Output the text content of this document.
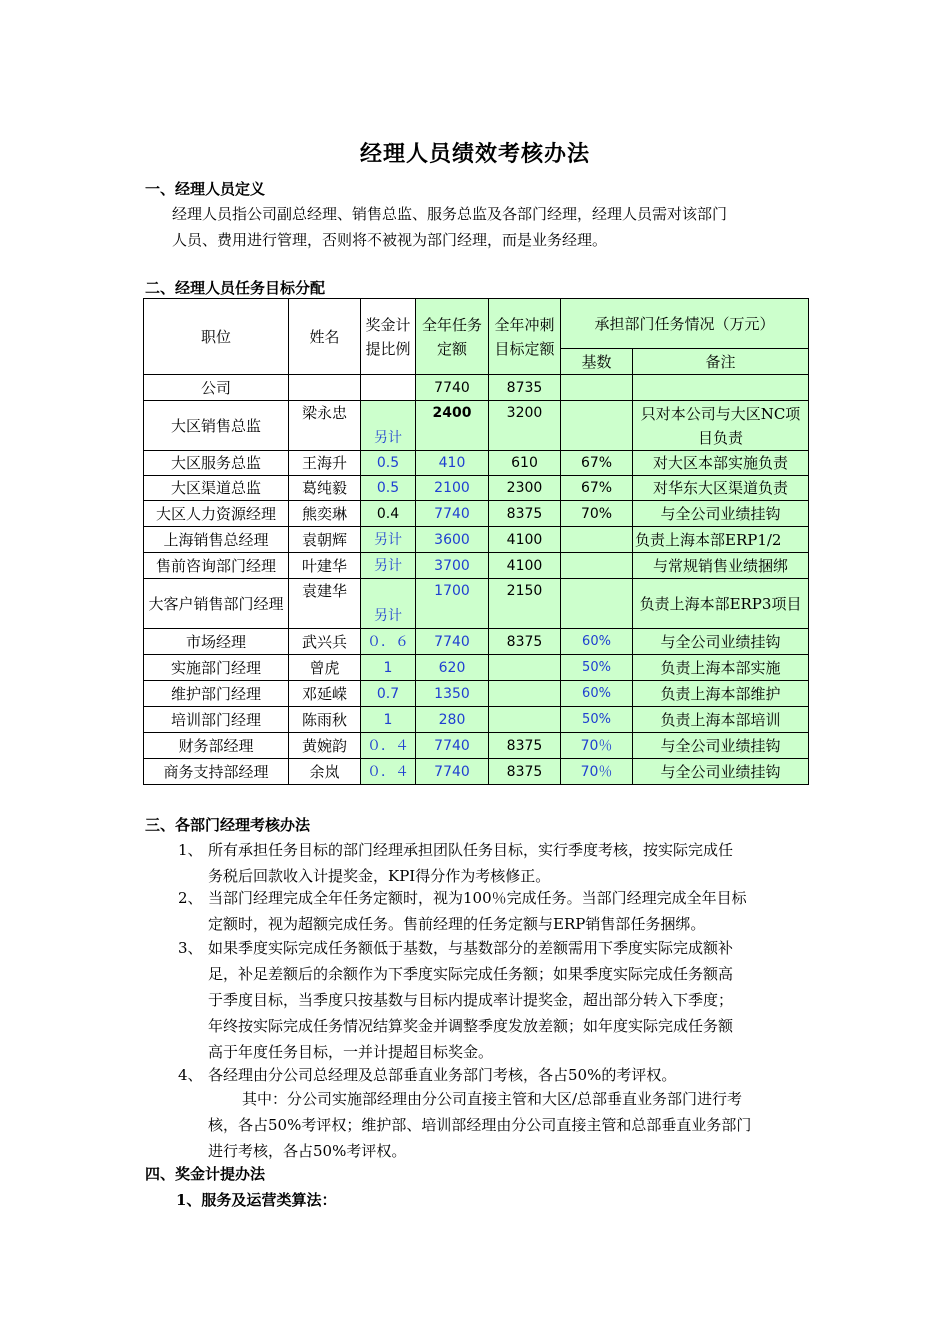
经理人员绩效考核办法
一、经理人员定义
经理人员指公司副总经理、销售总监、服务总监及各部门经理，经理人员需对该部门
人员、费用进行管理，否则将不被视为部门经理，而是业务经理。
二、经理人员任务目标分配
职位	姓名	奖金计提比例	全年任务定额	全年冲刺目标定额	承担部门任务情况（万元）	
					基数	备注
公司			7740	8735		
大区销售总监	梁永忠	另计	2400	3200		只对本公司与大区NC项目负责
大区服务总监	王海升	0.5	410	610	67%	对大区本部实施负责
大区渠道总监	葛纯毅	0.5	2100	2300	67%	对华东大区渠道负责
大区人力资源经理	熊奕琳	0.4	7740	8375	70%	与全公司业绩挂钩
上海销售总经理	袁朝辉	另计	3600	4100		负责上海本部ERP1/2
售前咨询部门经理	叶建华	另计	3700	4100		与常规销售业绩捆绑
大客户销售部门经理	袁建华	另计	1700	2150		负责上海本部ERP3项目
市场经理	武兴兵	０．６	7740	8375	60%	与全公司业绩挂钩
实施部门经理	曾虎	1	620		50%	负责上海本部实施
维护部门经理	邓延嵘	0.7	1350		60%	负责上海本部维护
培训部门经理	陈雨秋	1	280		50%	负责上海本部培训
财务部经理	黄婉韵	０．４	7740	8375	70％	与全公司业绩挂钩
商务支持部经理	余岚	０．４	7740	8375	70％	与全公司业绩挂钩
三、各部门经理考核办法
1、 所有承担任务目标的部门经理承担团队任务目标，实行季度考核，按实际完成任
务税后回款收入计提奖金，KPI得分作为考核修正。
2、 当部门经理完成全年任务定额时，视为100％完成任务。当部门经理完成全年目标
定额时，视为超额完成任务。售前经理的任务定额与ERP销售部任务捆绑。
3、 如果季度实际完成任务额低于基数，与基数部分的差额需用下季度实际完成额补
足，补足差额后的余额作为下季度实际完成任务额；如果季度实际完成任务额高
于季度目标，当季度只按基数与目标内提成率计提奖金，超出部分转入下季度；
年终按实际完成任务情况结算奖金并调整季度发放差额；如年度实际完成任务额
高于年度任务目标，一并计提超目标奖金。
4、 各经理由分公司总经理及总部垂直业务部门考核，各占50%的考评权。
其中：分公司实施部经理由分公司直接主管和大区/总部垂直业务部门进行考
核，各占50%考评权；维护部、培训部经理由分公司直接主管和总部垂直业务部门
进行考核，各占50%考评权。
四、奖金计提办法
1、服务及运营类算法：
